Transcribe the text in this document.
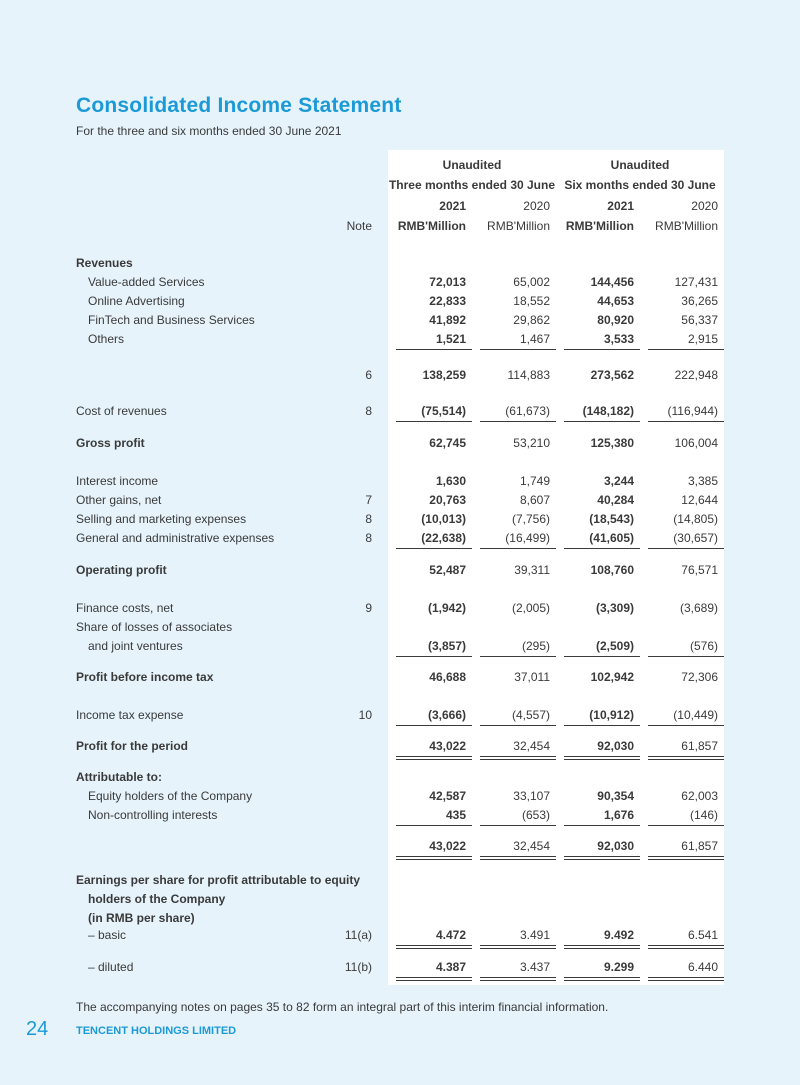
Consolidated Income Statement
For the three and six months ended 30 June 2021
Unaudited
Three months ended 30 June
Unaudited
Six months ended 30 June
2021	2020	2021	2020
Note	RMB'Million	RMB'Million	RMB'Million	RMB'Million
Revenues
Value-added Services	72,013	65,002	144,456	127,431
Online Advertising	22,833	18,552	44,653	36,265
FinTech and Business Services	41,892	29,862	80,920	56,337
Others	1,521	1,467	3,533	2,915
6	138,259	114,883	273,562	222,948
Cost of revenues	8	(75,514)	(61,673)	(148,182)	(116,944)
Gross profit	62,745	53,210	125,380	106,004
Interest income	1,630	1,749	3,244	3,385
Other gains, net	7	20,763	8,607	40,284	12,644
Selling and marketing expenses	8	(10,013)	(7,756)	(18,543)	(14,805)
General and administrative expenses	8	(22,638)	(16,499)	(41,605)	(30,657)
Operating profit	52,487	39,311	108,760	76,571
Finance costs, net	9	(1,942)	(2,005)	(3,309)	(3,689)
Share of losses of associates
and joint ventures	(3,857)	(295)	(2,509)	(576)
Profit before income tax	46,688	37,011	102,942	72,306
Income tax expense	10	(3,666)	(4,557)	(10,912)	(10,449)
Profit for the period	43,022	32,454	92,030	61,857
Attributable to:
Equity holders of the Company	42,587	33,107	90,354	62,003
Non-controlling interests	435	(653)	1,676	(146)
43,022	32,454	92,030	61,857
Earnings per share for profit attributable to equity
holders of the Company
(in RMB per share)
– basic	11(a)	4.472	3.491	9.492	6.541
– diluted	11(b)	4.387	3.437	9.299	6.440
The accompanying notes on pages 35 to 82 form an integral part of this interim financial information.
24	TENCENT HOLDINGS LIMITED
